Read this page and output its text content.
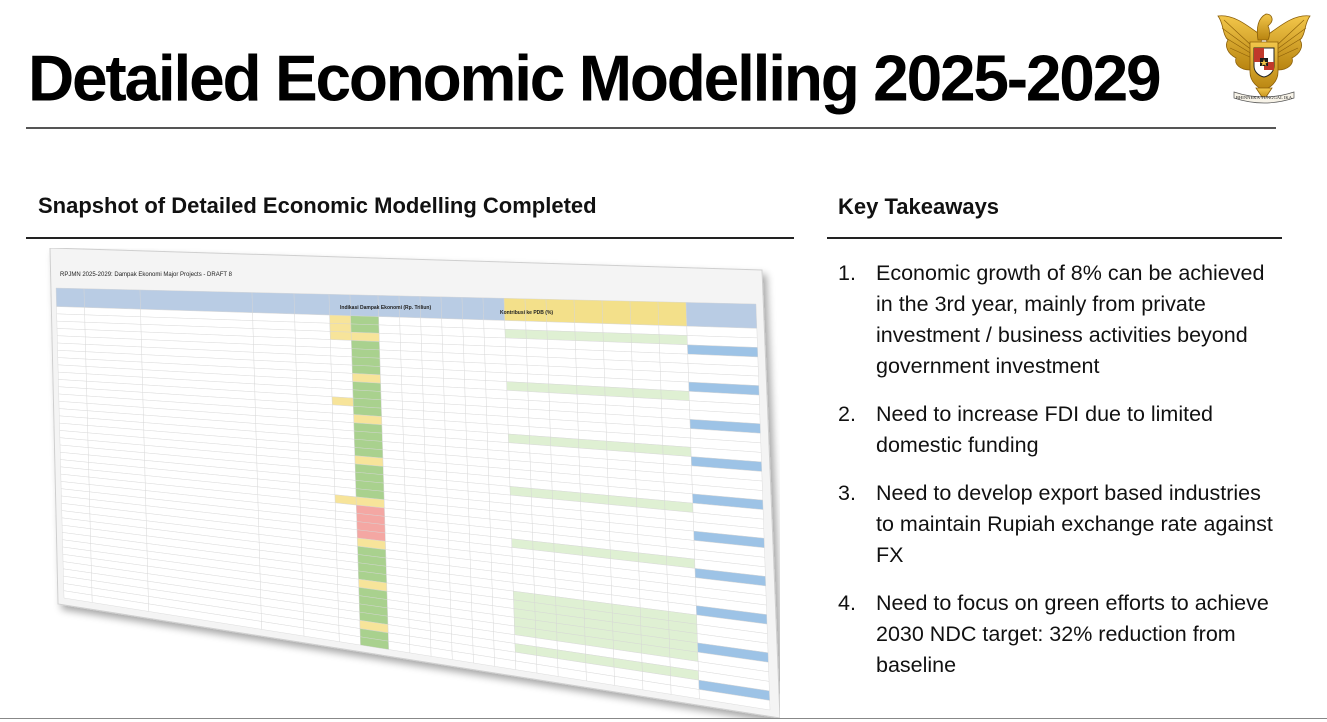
Detailed Economic Modelling 2025-2029	BHINNEKA TUNGGAL IKA
Snapshot of Detailed Economic Modelling Completed
RPJMN 2025-2029: Dampak Ekonomi Major Projects - DRAFT 8
Indikasi Dampak Ekonomi (Rp. Triliun)
Kontribusi ke PDB (%)
Key Takeaways
1. Economic growth of 8% can be achieved in the 3rd year, mainly from private investment / business activities beyond government investment
2. Need to increase FDI due to limited domestic funding
3. Need to develop export based industries to maintain Rupiah exchange rate against FX
4. Need to focus on green efforts to achieve 2030 NDC target: 32% reduction from baseline
